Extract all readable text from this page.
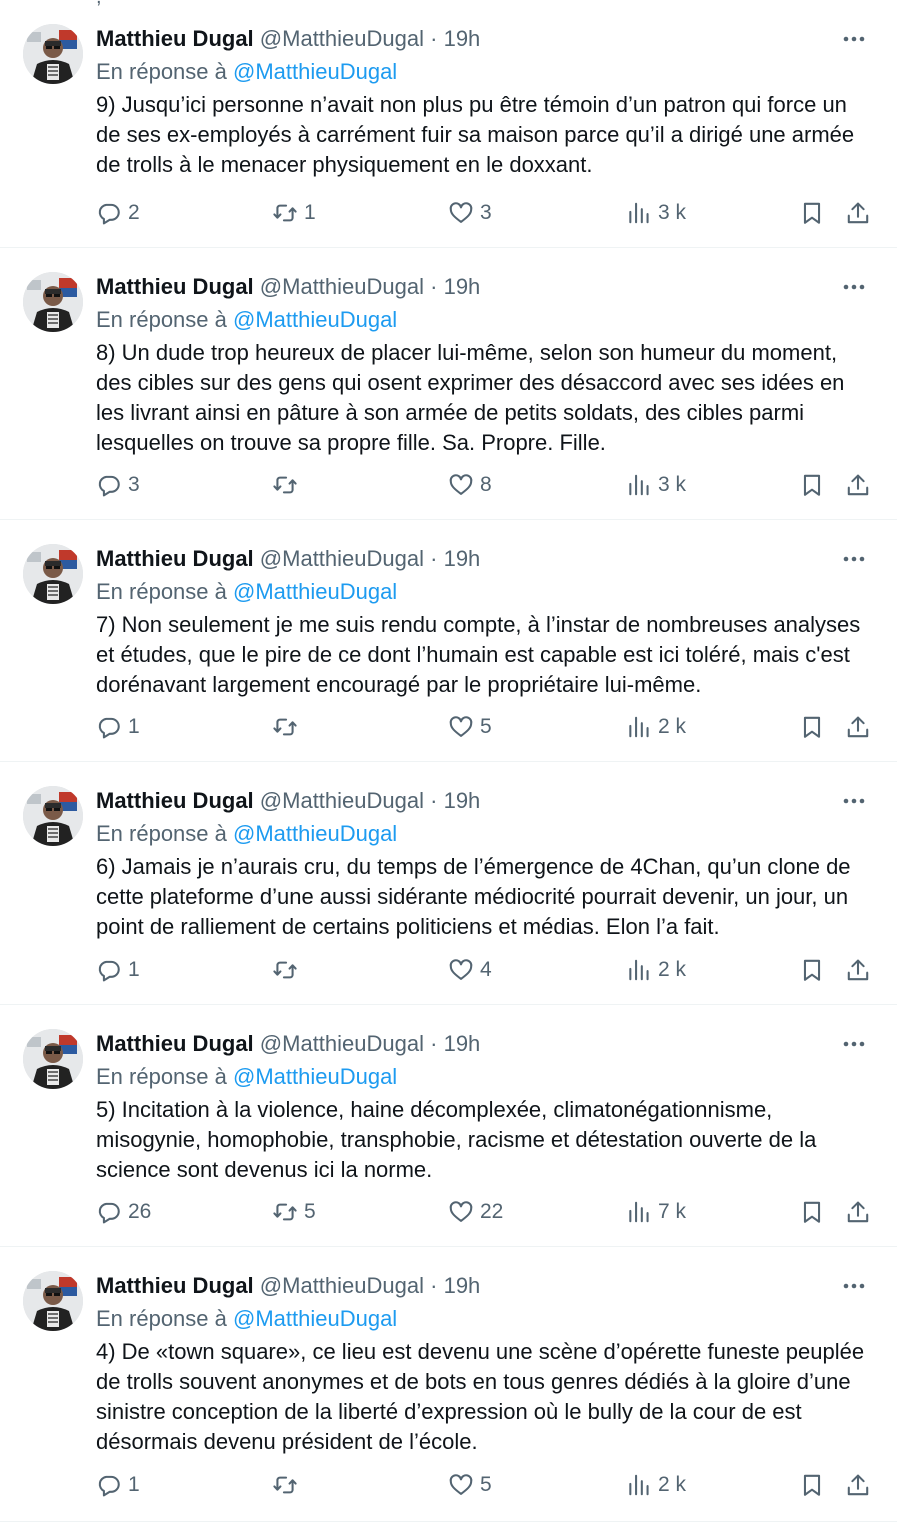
Matthieu Dugal @MatthieuDugal · 19h
En réponse à @MatthieuDugal
9) Jusqu’ici personne n’avait non plus pu être témoin d’un patron qui force un de ses ex-employés à carrément fuir sa maison parce qu’il a dirigé une armée de trolls à le menacer physiquement en le doxxant.
2	1	3	3 k
Matthieu Dugal @MatthieuDugal · 19h
En réponse à @MatthieuDugal
8) Un dude trop heureux de placer lui-même, selon son humeur du moment, des cibles sur des gens qui osent exprimer des désaccord avec ses idées en les livrant ainsi en pâture à son armée de petits soldats, des cibles parmi lesquelles on trouve sa propre fille. Sa. Propre. Fille.
3	8	3 k
Matthieu Dugal @MatthieuDugal · 19h
En réponse à @MatthieuDugal
7) Non seulement je me suis rendu compte, à l’instar de nombreuses analyses et études, que le pire de ce dont l’humain est capable est ici toléré, mais c'est dorénavant largement encouragé par le propriétaire lui-même.
1	5	2 k
Matthieu Dugal @MatthieuDugal · 19h
En réponse à @MatthieuDugal
6) Jamais je n’aurais cru, du temps de l’émergence de 4Chan, qu’un clone de cette plateforme d’une aussi sidérante médiocrité pourrait devenir, un jour, un point de ralliement de certains politiciens et médias. Elon l’a fait.
1	4	2 k
Matthieu Dugal @MatthieuDugal · 19h
En réponse à @MatthieuDugal
5) Incitation à la violence, haine décomplexée, climatonégationnisme, misogynie, homophobie, transphobie, racisme et détestation ouverte de la science sont devenus ici la norme.
26	5	22	7 k
Matthieu Dugal @MatthieuDugal · 19h
En réponse à @MatthieuDugal
4) De «town square», ce lieu est devenu une scène d’opérette funeste peuplée de trolls souvent anonymes et de bots en tous genres dédiés à la gloire d’une sinistre conception de la liberté d’expression où le bully de la cour de est désormais devenu président de l’école.
1	5	2 k
